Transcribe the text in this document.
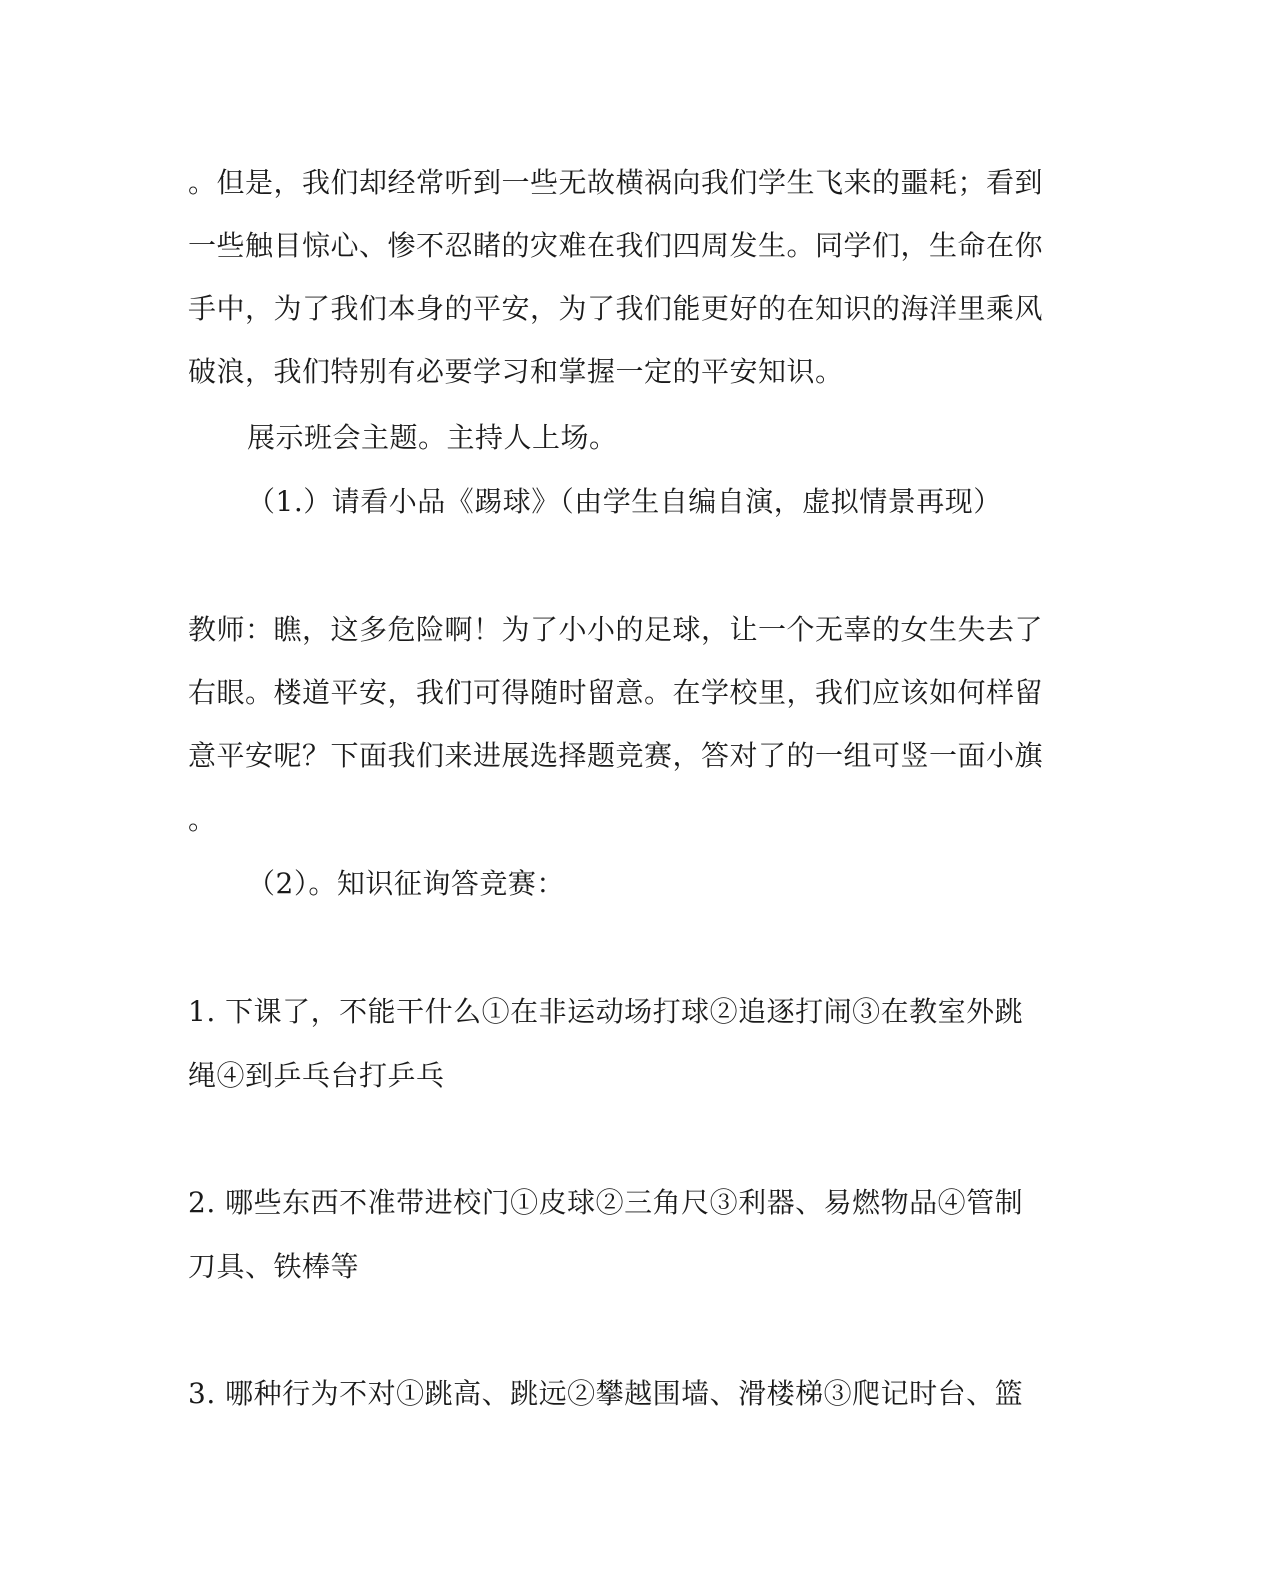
。但是，我们却经常听到一些无故横祸向我们学生飞来的噩耗；看到
一些触目惊心、惨不忍睹的灾难在我们四周发生。同学们，生命在你
手中，为了我们本身的平安，为了我们能更好的在知识的海洋里乘风
破浪，我们特别有必要学习和掌握一定的平安知识。
展示班会主题。主持人上场。
（1.）请看小品《踢球》（由学生自编自演，虚拟情景再现）
教师：瞧，这多危险啊！为了小小的足球，让一个无辜的女生失去了
右眼。楼道平安，我们可得随时留意。在学校里，我们应该如何样留
意平安呢？下面我们来进展选择题竞赛，答对了的一组可竖一面小旗
。
（2）。知识征询答竞赛：
1. 下课了，不能干什么①在非运动场打球②追逐打闹③在教室外跳
绳④到乒乓台打乒乓
2. 哪些东西不准带进校门①皮球②三角尺③利器、易燃物品④管制
刀具、铁棒等
3. 哪种行为不对①跳高、跳远②攀越围墙、滑楼梯③爬记时台、篮
